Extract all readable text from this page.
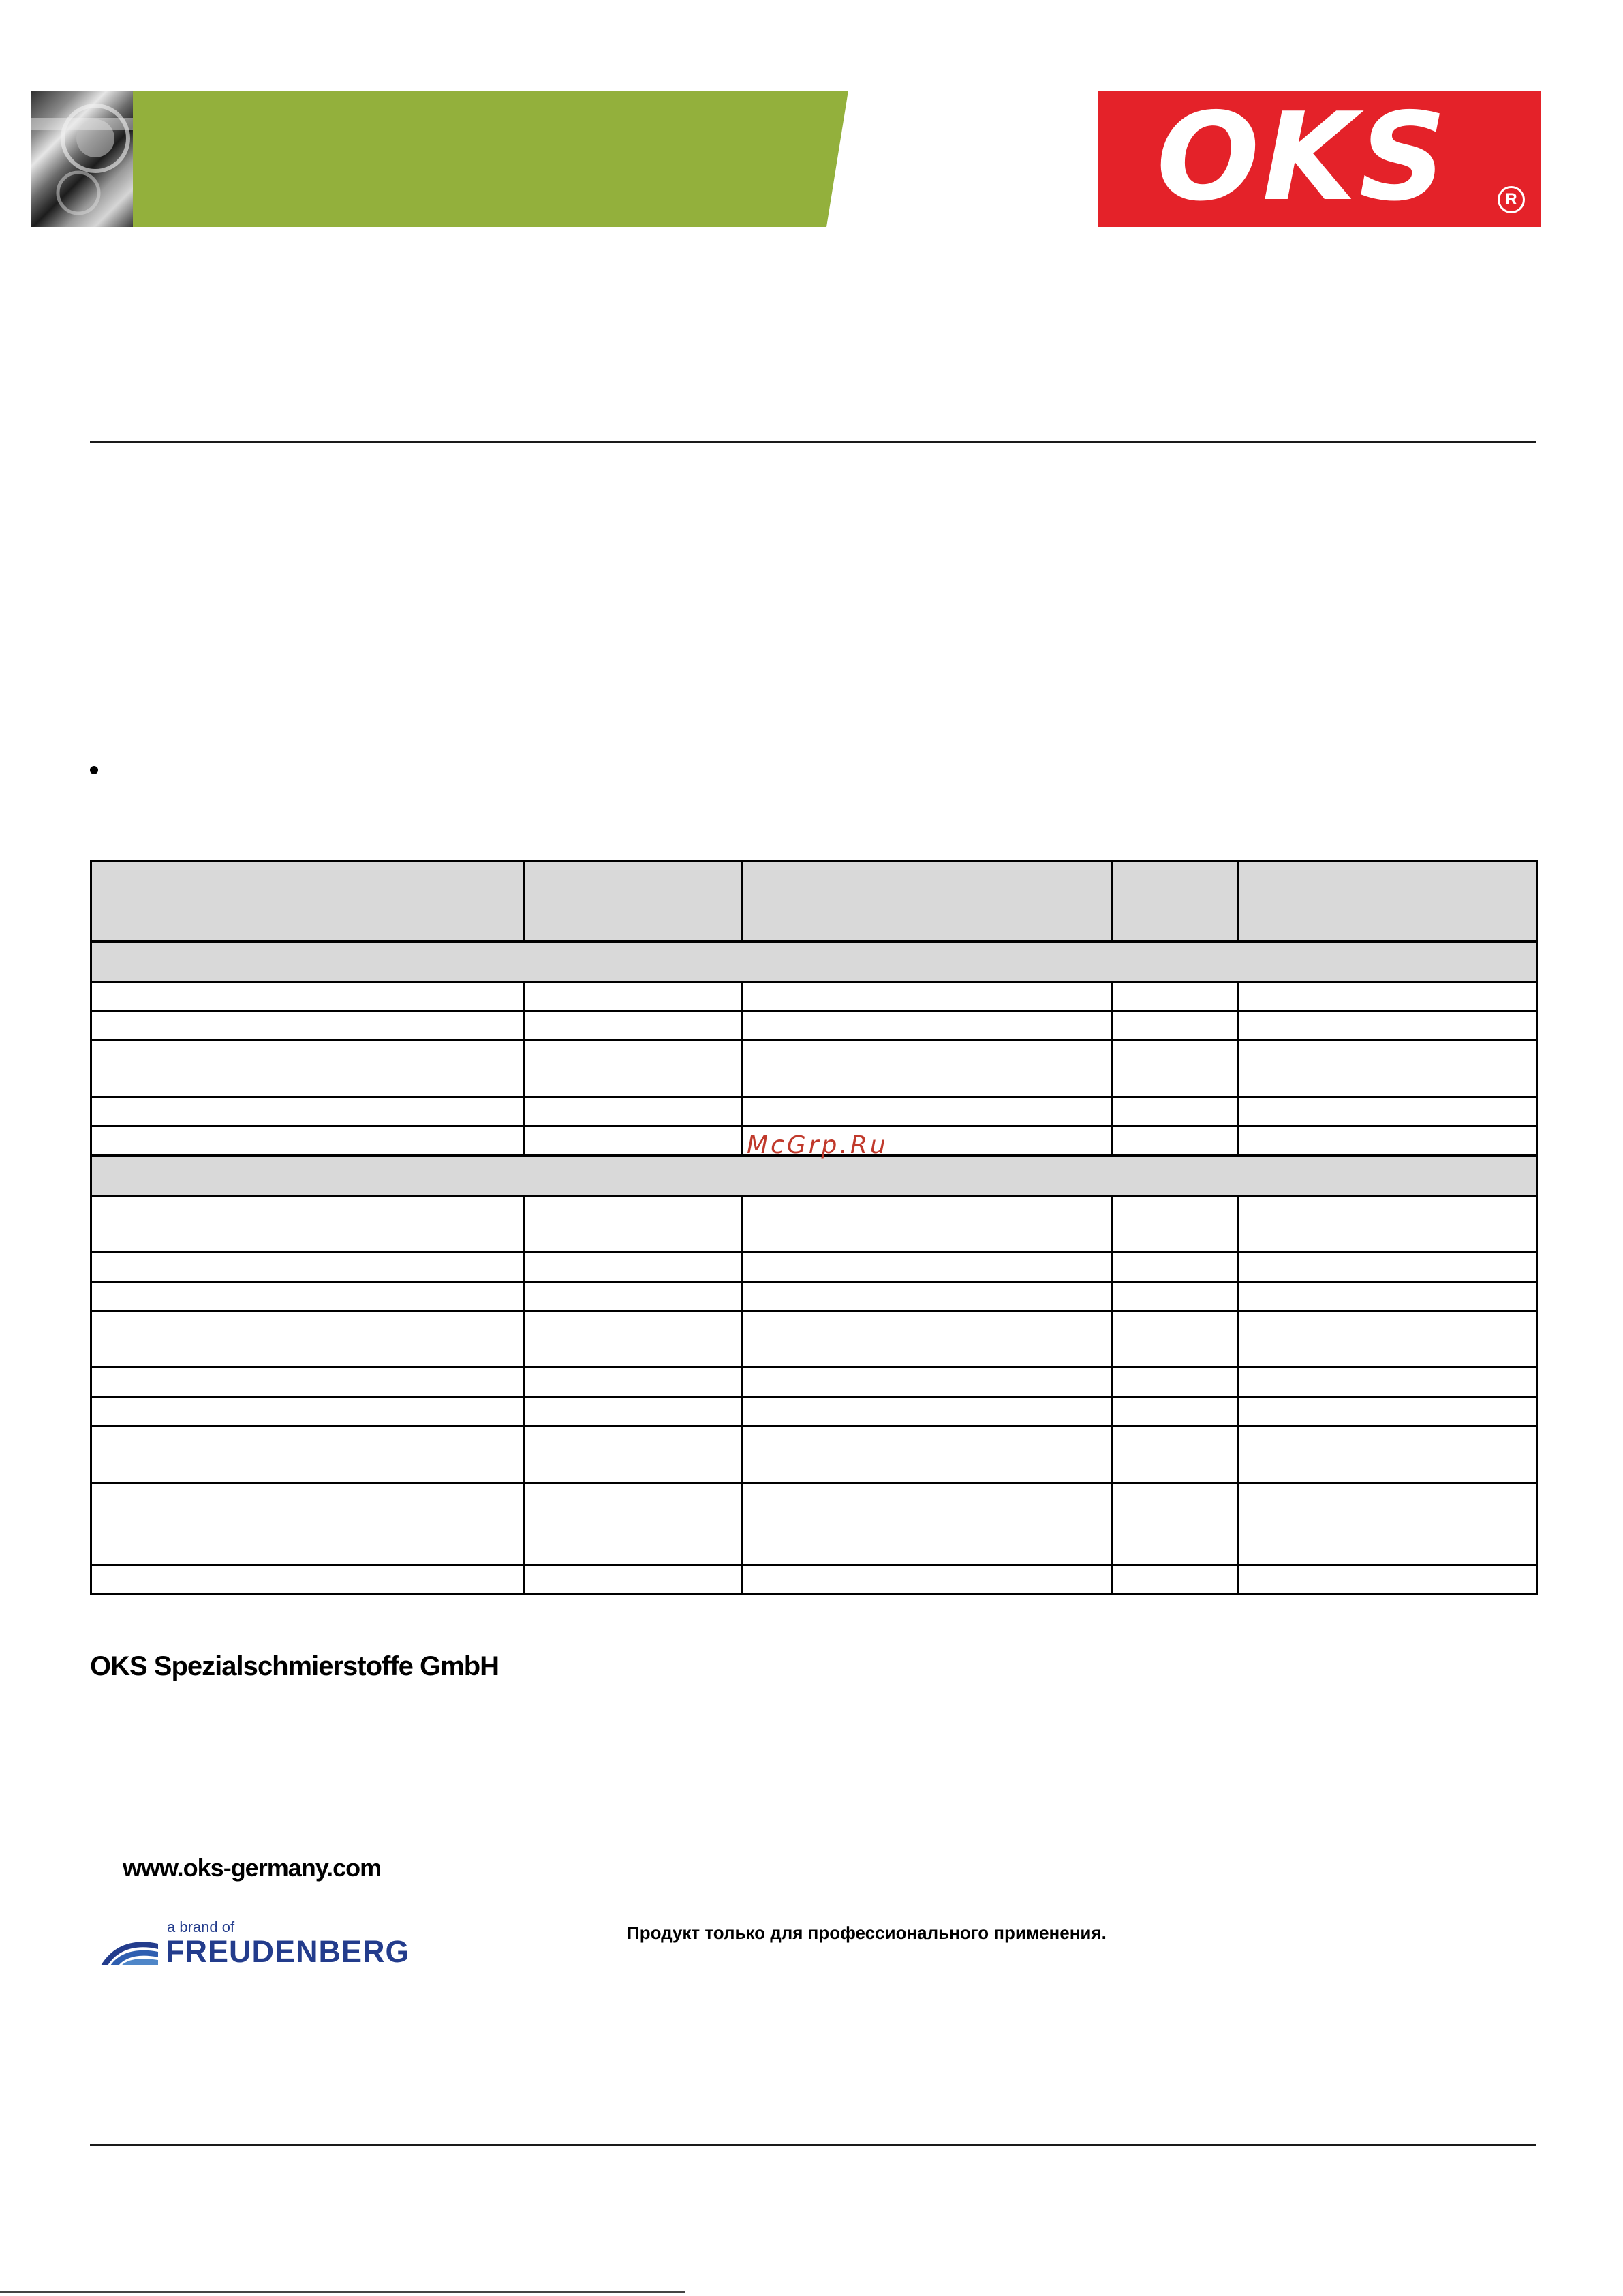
OKS	R

McGrp.Ru
OKS Spezialschmierstoffe GmbH
www.oks-germany.com
a brand of
FREUDENBERG
Продукт только для профессионального применения.
